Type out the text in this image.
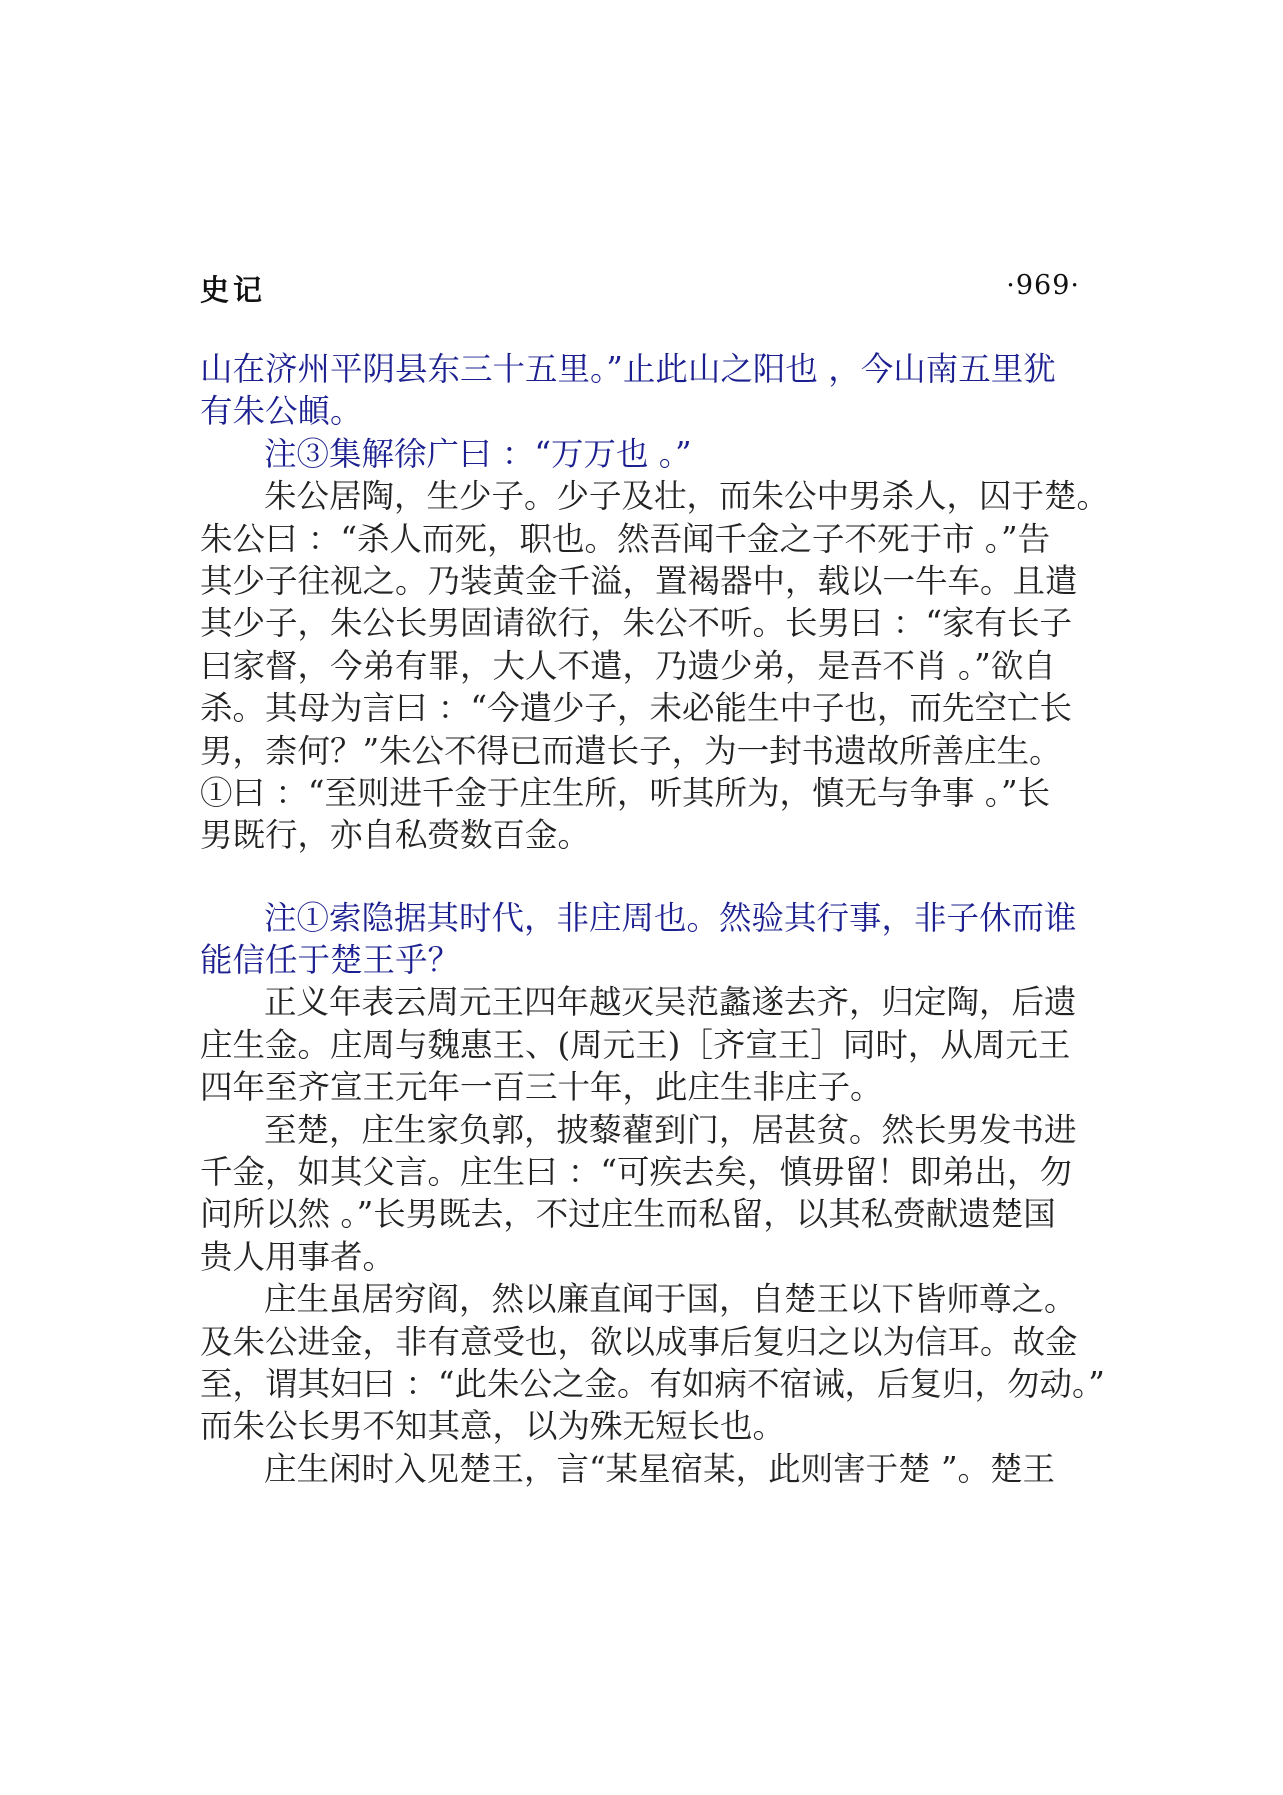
史记	·969·
山在济州平阴县东三十五里。”止此山之阳也 ，今山南五里犹
有朱公頔。
注③集解徐广曰 ：“万万也 。”
朱公居陶，生少子。少子及壮，而朱公中男杀人，囚于楚。
朱公曰 ：“杀人而死，职也。然吾闻千金之子不死于市 。”告
其少子往视之。乃装黄金千溢，置褐器中，载以一牛车。且遣
其少子，朱公长男固请欲行，朱公不听。长男曰 ：“家有长子
曰家督，今弟有罪，大人不遣，乃遗少弟，是吾不肖 。”欲自
杀。其母为言曰 ：“今遣少子，未必能生中子也，而先空亡长
男，柰何？”朱公不得已而遣长子，为一封书遗故所善庄生。
①曰 ：“至则进千金于庄生所，听其所为，慎无与争事 。”长
男既行，亦自私赍数百金。
注①索隐据其时代，非庄周也。然验其行事，非子休而谁
能信任于楚王乎？
正义年表云周元王四年越灭吴范蠡遂去齐，归定陶，后遗
庄生金。庄周与魏惠王、(周元王)［齐宣王］同时，从周元王
四年至齐宣王元年一百三十年，此庄生非庄子。
至楚，庄生家负郭，披藜藋到门，居甚贫。然长男发书进
千金，如其父言。庄生曰 ：“可疾去矣，慎毋留！即弟出，勿
问所以然 。”长男既去，不过庄生而私留，以其私赍献遗楚国
贵人用事者。
庄生虽居穷阎，然以廉直闻于国，自楚王以下皆师尊之。
及朱公进金，非有意受也，欲以成事后复归之以为信耳。故金
至，谓其妇曰 ：“此朱公之金。有如病不宿诫，后复归，勿动。”
而朱公长男不知其意，以为殊无短长也。
庄生闲时入见楚王，言“某星宿某，此则害于楚 ”。楚王
